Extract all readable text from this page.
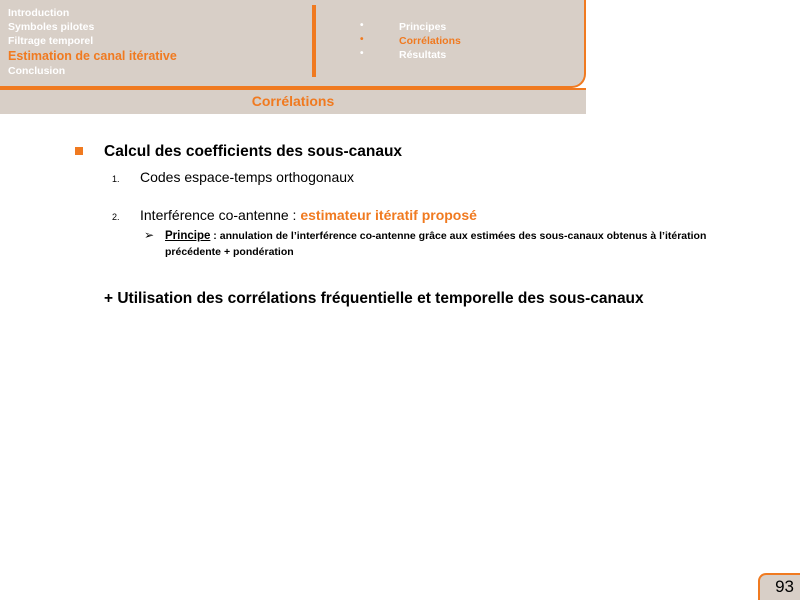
Introduction
Symboles pilotes
Filtrage temporel
Estimation de canal itérative
Conclusion
•	Principes
•	Corrélations
•	Résultats
Corrélations
Calcul des coefficients des sous-canaux
1. Codes espace-temps orthogonaux
2. Interférence co-antenne : estimateur itératif proposé
➢ Principe : annulation de l’interférence co-antenne grâce aux estimées des sous-canaux obtenus à l’itération précédente + pondération
+ Utilisation des corrélations fréquentielle et temporelle des sous-canaux
93
